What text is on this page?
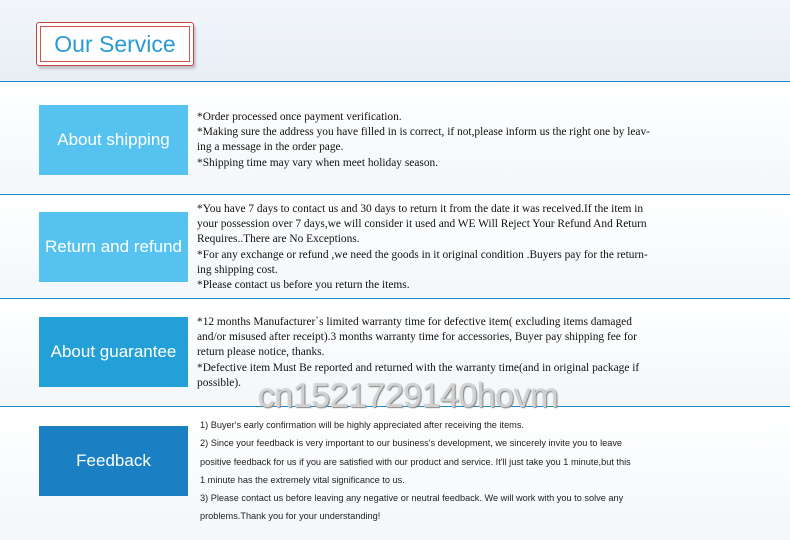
Our Service
About shipping

*Order processed once payment verification.

*Making sure the address you have filled in is correct, if not,please inform us the right one by leav-

ing a message in the order page.

*Shipping time may vary when meet holiday season.

Return and refund

*You have 7 days to contact us and 30 days to return it from the date it was received.If the item in

your possession over 7 days,we will consider it used and WE Will Reject Your Refund And Return

Requires..There are No Exceptions.

*For any exchange or refund ,we need the goods in it original condition .Buyers pay for the return-

ing shipping cost.

*Please contact us before you return the items.

About guarantee

*12 months Manufacturer`s limited warranty time for defective item( excluding items damaged

and/or misused after receipt).3 months warranty time for accessories, Buyer pay shipping fee for

return please notice, thanks.

*Defective item Must Be reported and returned with the warranty time(and in original package if

possible).

Feedback

1) Buyer's early confirmation will be highly appreciated after receiving the items.

2) Since your feedback is very important to our business's development, we sincerely invite you to leave

positive feedback for us if you are satisfied with our product and service. It'll just take you 1 minute,but this

1 minute has the extremely vital significance to us.

3) Please contact us before leaving any negative or neutral feedback. We will work with you to solve any

problems.Thank you for your understanding!

cn1521729140hovm
